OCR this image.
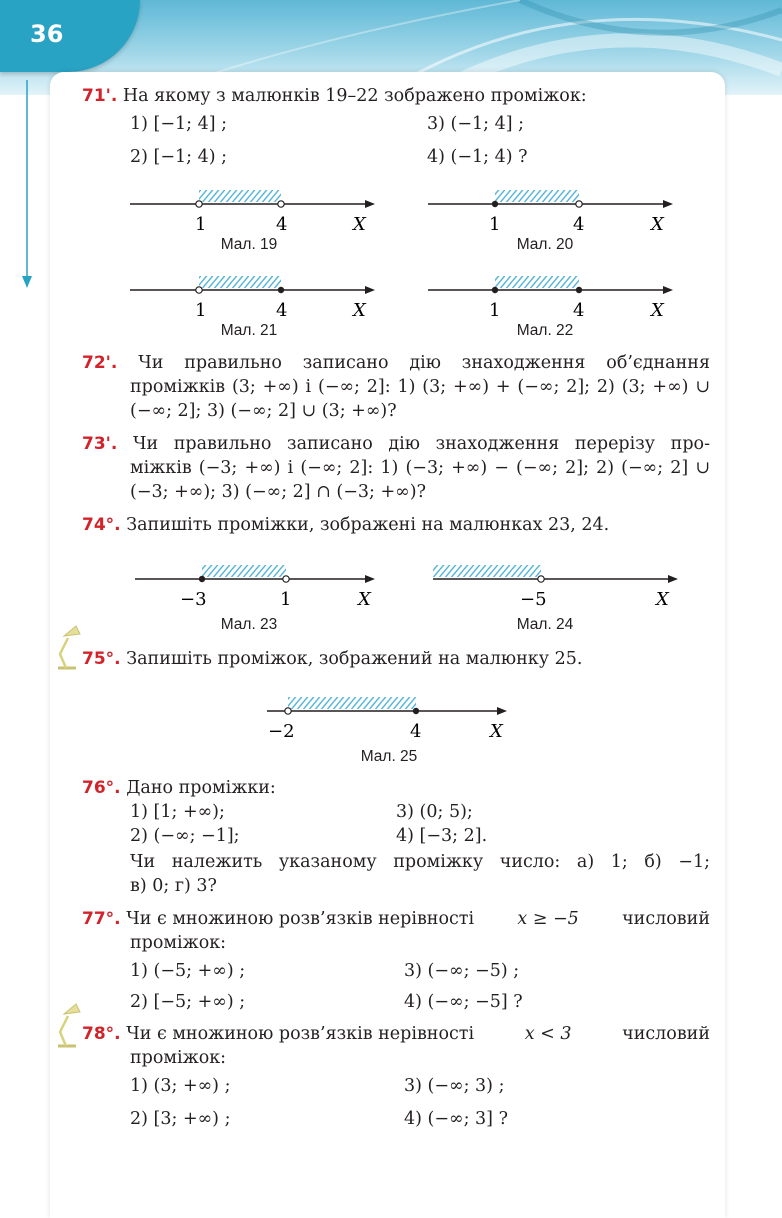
36
71'. На якому з малюнків 19–22 зображено проміжок:
1) [−1; 4] ;	3) (−1; 4] ;
2) [−1; 4) ;	4) (−1; 4) ?
1	4	X
Мал. 19
1	4	X
Мал. 20
1	4	X
Мал. 21
1	4	X
Мал. 22
72'. Чи правильно записано дію знаходження об’єднання
проміжків (3; +∞) і (−∞; 2]: 1) (3; +∞) + (−∞; 2]; 2) (3; +∞) ∪
(−∞; 2]; 3) (−∞; 2] ∪ (3; +∞)?
73'. Чи правильно записано дію знаходження перерізу про-
міжків (−3; +∞) і (−∞; 2]: 1) (−3; +∞) − (−∞; 2]; 2) (−∞; 2] ∪
(−3; +∞); 3) (−∞; 2] ∩ (−3; +∞)?
74°. Запишіть проміжки, зображені на малюнках 23, 24.
−3	1	X
Мал. 23
−5	X
Мал. 24
75°. Запишіть проміжок, зображений на малюнку 25.
−2	4	X
Мал. 25
76°. Дано проміжки:
1) [1; +∞);	3) (0; 5);
2) (−∞; −1];	4) [−3; 2].
Чи належить указаному проміжку число: а) 1; б) −1;
в) 0; г) 3?
77°. Чи є множиною розв’язків нерівності x ≥ −5 числовий
проміжок:
1) (−5; +∞) ;	3) (−∞; −5) ;
2) [−5; +∞) ;	4) (−∞; −5] ?
78°. Чи є множиною розв’язків нерівності	x < 3	числовий
проміжок:
1) (3; +∞) ;	3) (−∞; 3) ;
2) [3; +∞) ;	4) (−∞; 3] ?
